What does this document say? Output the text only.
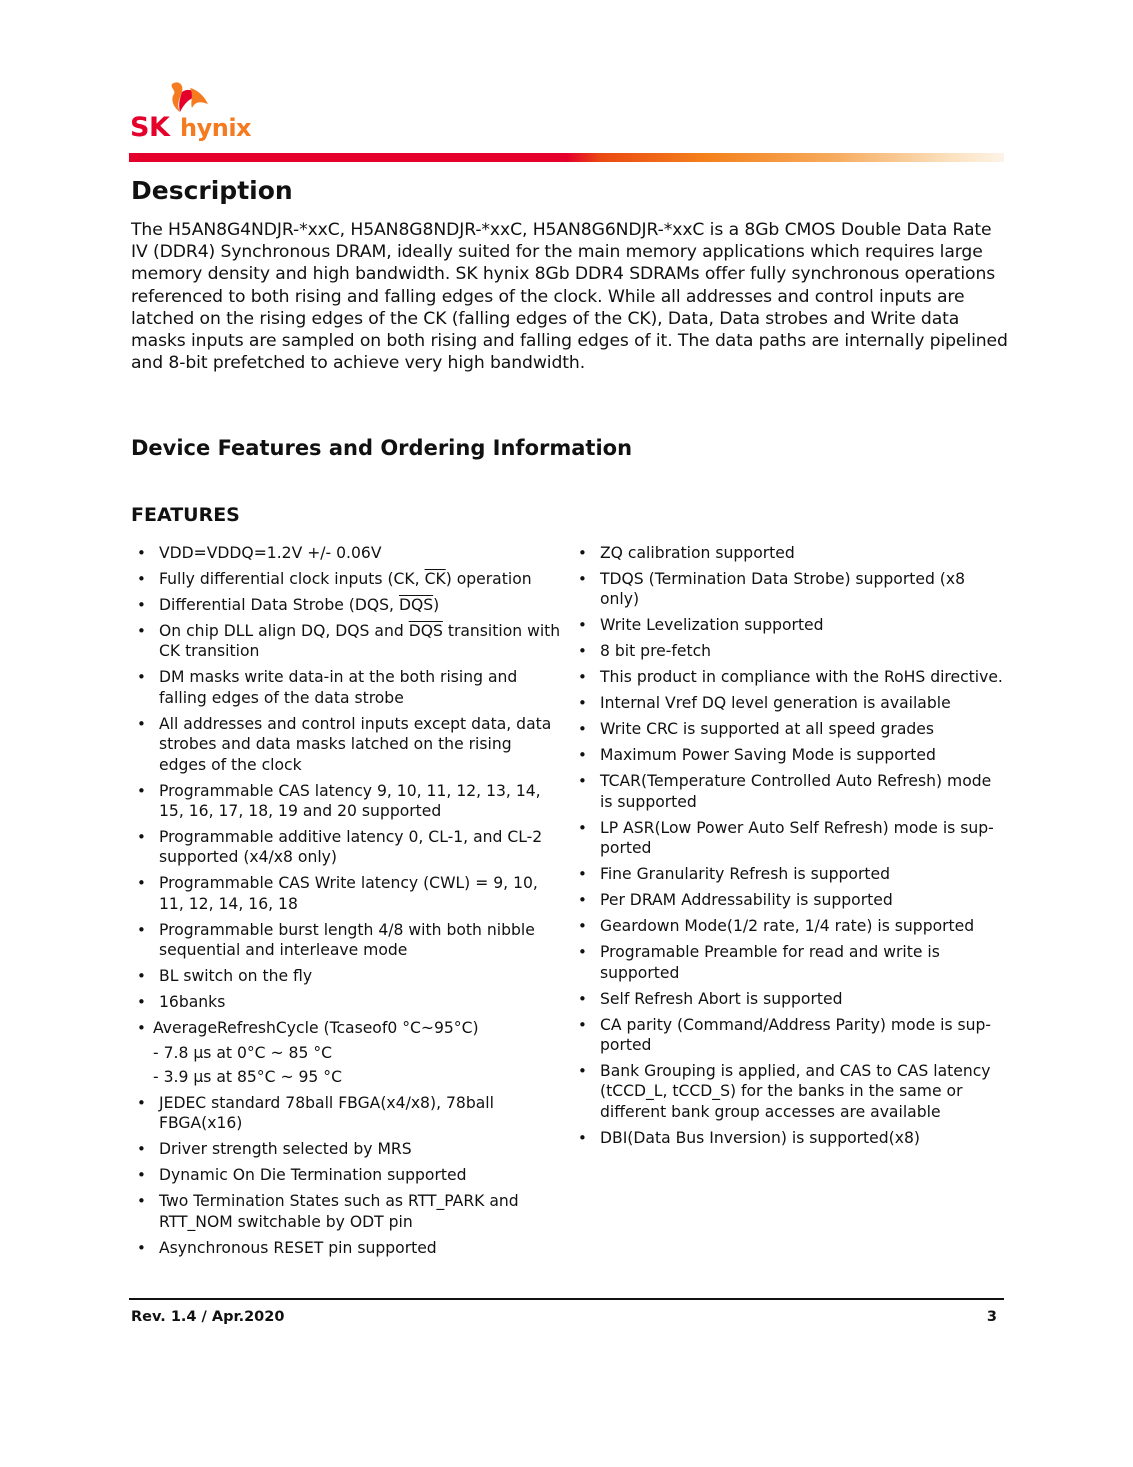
SK hynix
Description

The H5AN8G4NDJR-*xxC, H5AN8G8NDJR-*xxC, H5AN8G6NDJR-*xxC is a 8Gb CMOS Double Data Rate IV (DDR4) Synchronous DRAM, ideally suited for the main memory applications which requires large memory density and high bandwidth. SK hynix 8Gb DDR4 SDRAMs offer fully synchronous operations referenced to both rising and falling edges of the clock. While all addresses and control inputs are latched on the rising edges of the CK (falling edges of the CK), Data, Data strobes and Write data masks inputs are sampled on both rising and falling edges of it. The data paths are internally pipelined and 8-bit prefetched to achieve very high bandwidth.

Device Features and Ordering Information
FEATURES
• VDD=VDDQ=1.2V +/- 0.06V
• Fully differential clock inputs (CK, $\overline{CK}$) operation
• Differential Data Strobe (DQS, $\overline{DQS}$)
• On chip DLL align DQ, DQS and $\overline{DQS}$ transition with CK transition
• DM masks write data-in at the both rising and falling edges of the data strobe
• All addresses and control inputs except data, data strobes and data masks latched on the rising edges of the clock
• Programmable CAS latency 9, 10, 11, 12, 13, 14, 15, 16, 17, 18, 19 and 20 supported
• Programmable additive latency 0, CL-1, and CL-2 supported (x4/x8 only)
• Programmable CAS Write latency (CWL) = 9, 10, 11, 12, 14, 16, 18
• Programmable burst length 4/8 with both nibble sequential and interleave mode
• BL switch on the fly
• 16banks
• AverageRefreshCycle (Tcaseof0 °C~95°C)
- 7.8 µs at 0°C ~ 85 °C
- 3.9 µs at 85°C ~ 95 °C
• JEDEC standard 78ball FBGA(x4/x8), 78ball FBGA(x16)
• Driver strength selected by MRS
• Dynamic On Die Termination supported
• Two Termination States such as RTT_PARK and RTT_NOM switchable by ODT pin
• Asynchronous RESET pin supported
• ZQ calibration supported
• TDQS (Termination Data Strobe) supported (x8 only)
• Write Levelization supported
• 8 bit pre-fetch
• This product in compliance with the RoHS directive.
• Internal Vref DQ level generation is available
• Write CRC is supported at all speed grades
• Maximum Power Saving Mode is supported
• TCAR(Temperature Controlled Auto Refresh) mode is supported
• LP ASR(Low Power Auto Self Refresh) mode is sup-ported
• Fine Granularity Refresh is supported
• Per DRAM Addressability is supported
• Geardown Mode(1/2 rate, 1/4 rate) is supported
• Programable Preamble for read and write is supported
• Self Refresh Abort is supported
• CA parity (Command/Address Parity) mode is sup-ported
• Bank Grouping is applied, and CAS to CAS latency (tCCD_L, tCCD_S) for the banks in the same or different bank group accesses are available
• DBI(Data Bus Inversion) is supported(x8)
Rev. 1.4 / Apr.2020	3
